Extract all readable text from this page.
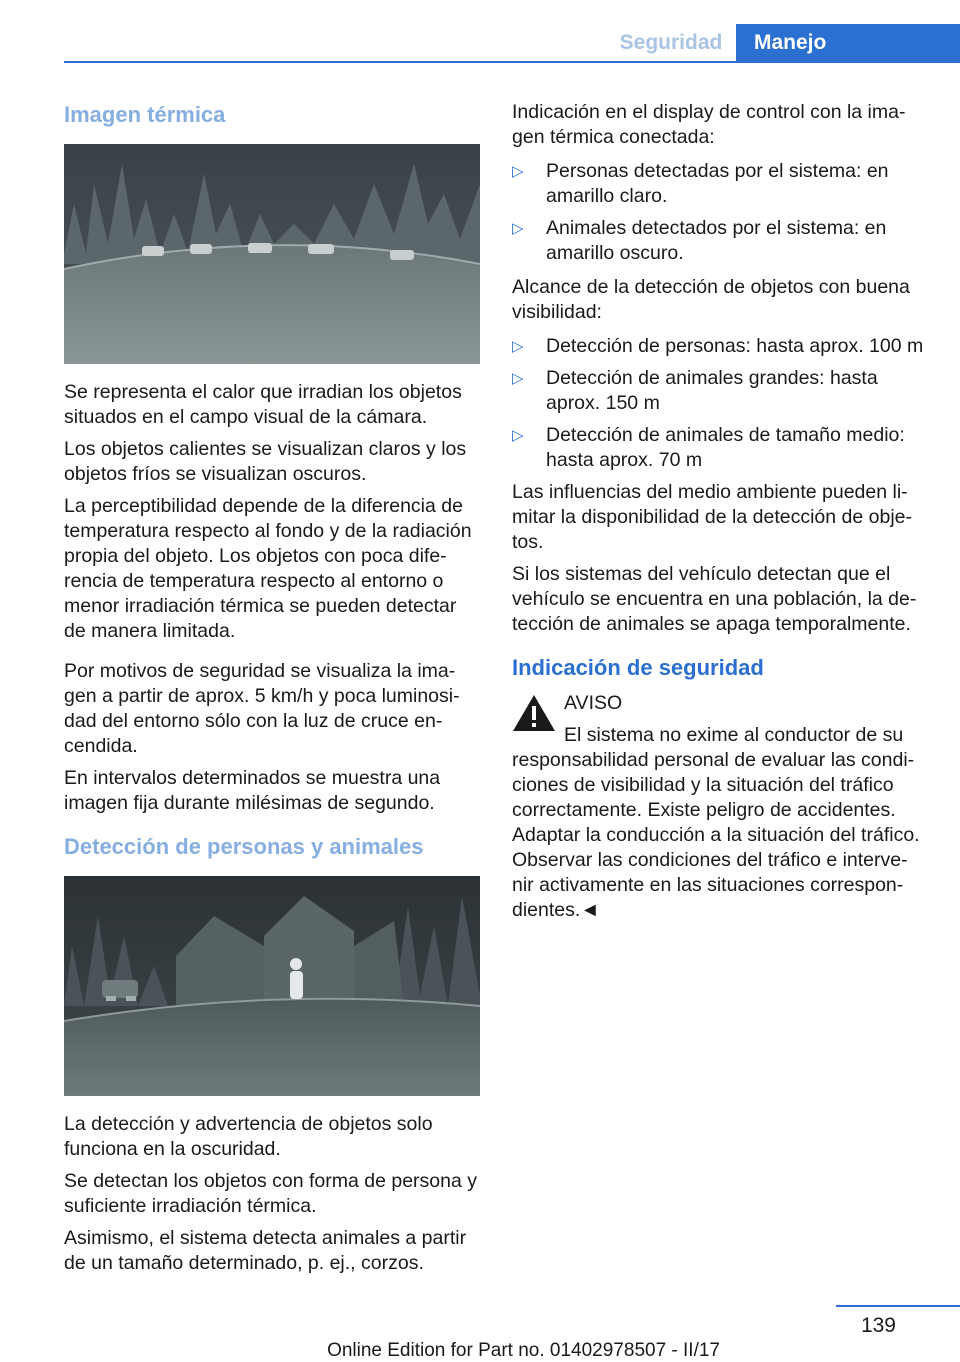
Seguridad	Manejo
Imagen térmica

Se representa el calor que irradian los objetos situados en el campo visual de la cámara.

Los objetos calientes se visualizan claros y los objetos fríos se visualizan oscuros.

La perceptibilidad depende de la diferencia de temperatura respecto al fondo y de la radiación propia del objeto. Los objetos con poca dife‐ rencia de temperatura respecto al entorno o menor irradiación térmica se pueden detectar de manera limitada.

Por motivos de seguridad se visualiza la ima‐ gen a partir de aprox. 5 km/h y poca luminosi‐ dad del entorno sólo con la luz de cruce en‐ cendida.

En intervalos determinados se muestra una imagen fija durante milésimas de segundo.

Detección de personas y animales

La detección y advertencia de objetos solo funciona en la oscuridad.

Se detectan los objetos con forma de persona y suficiente irradiación térmica.

Asimismo, el sistema detecta animales a partir de un tamaño determinado, p. ej., corzos.

Indicación en el display de control con la ima‐ gen térmica conectada:

▷ Personas detectadas por el sistema: en amarillo claro.
▷ Animales detectados por el sistema: en amarillo oscuro.

Alcance de la detección de objetos con buena visibilidad:

▷ Detección de personas: hasta aprox. 100 m
▷ Detección de animales grandes: hasta aprox. 150 m
▷ Detección de animales de tamaño medio: hasta aprox. 70 m

Las influencias del medio ambiente pueden li‐ mitar la disponibilidad de la detección de obje‐ tos.

Si los sistemas del vehículo detectan que el vehículo se encuentra en una población, la de‐ tección de animales se apaga temporalmente.

Indicación de seguridad

AVISO

El sistema no exime al conductor de su responsabilidad personal de evaluar las condi‐ ciones de visibilidad y la situación del tráfico correctamente. Existe peligro de accidentes. Adaptar la conducción a la situación del tráfico. Observar las condiciones del tráfico e interve‐ nir activamente en las situaciones correspon‐ dientes.◄

139
Online Edition for Part no. 01402978507 - II/17
